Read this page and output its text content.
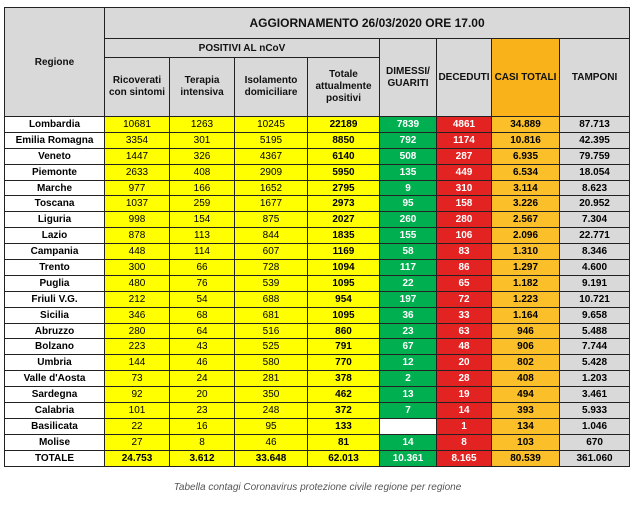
Regione	AGGIORNAMENTO 26/03/2020 ORE 17.00							
	POSITIVI AL nCoV				DIMESSI/ GUARITI	DECEDUTI	CASI TOTALI	TAMPONI
	Ricoverati con sintomi	Terapia intensiva	Isolamento domiciliare	Totale attualmente positivi				
Lombardia	10681	1263	10245	22189	7839	4861	34.889	87.713
Emilia Romagna	3354	301	5195	8850	792	1174	10.816	42.395
Veneto	1447	326	4367	6140	508	287	6.935	79.759
Piemonte	2633	408	2909	5950	135	449	6.534	18.054
Marche	977	166	1652	2795	9	310	3.114	8.623
Toscana	1037	259	1677	2973	95	158	3.226	20.952
Liguria	998	154	875	2027	260	280	2.567	7.304
Lazio	878	113	844	1835	155	106	2.096	22.771
Campania	448	114	607	1169	58	83	1.310	8.346
Trento	300	66	728	1094	117	86	1.297	4.600
Puglia	480	76	539	1095	22	65	1.182	9.191
Friuli V.G.	212	54	688	954	197	72	1.223	10.721
Sicilia	346	68	681	1095	36	33	1.164	9.658
Abruzzo	280	64	516	860	23	63	946	5.488
Bolzano	223	43	525	791	67	48	906	7.744
Umbria	144	46	580	770	12	20	802	5.428
Valle d'Aosta	73	24	281	378	2	28	408	1.203
Sardegna	92	20	350	462	13	19	494	3.461
Calabria	101	23	248	372	7	14	393	5.933
Basilicata	22	16	95	133		1	134	1.046
Molise	27	8	46	81	14	8	103	670
TOTALE	24.753	3.612	33.648	62.013	10.361	8.165	80.539	361.060
Tabella contagi Coronavirus protezione civile regione per regione
